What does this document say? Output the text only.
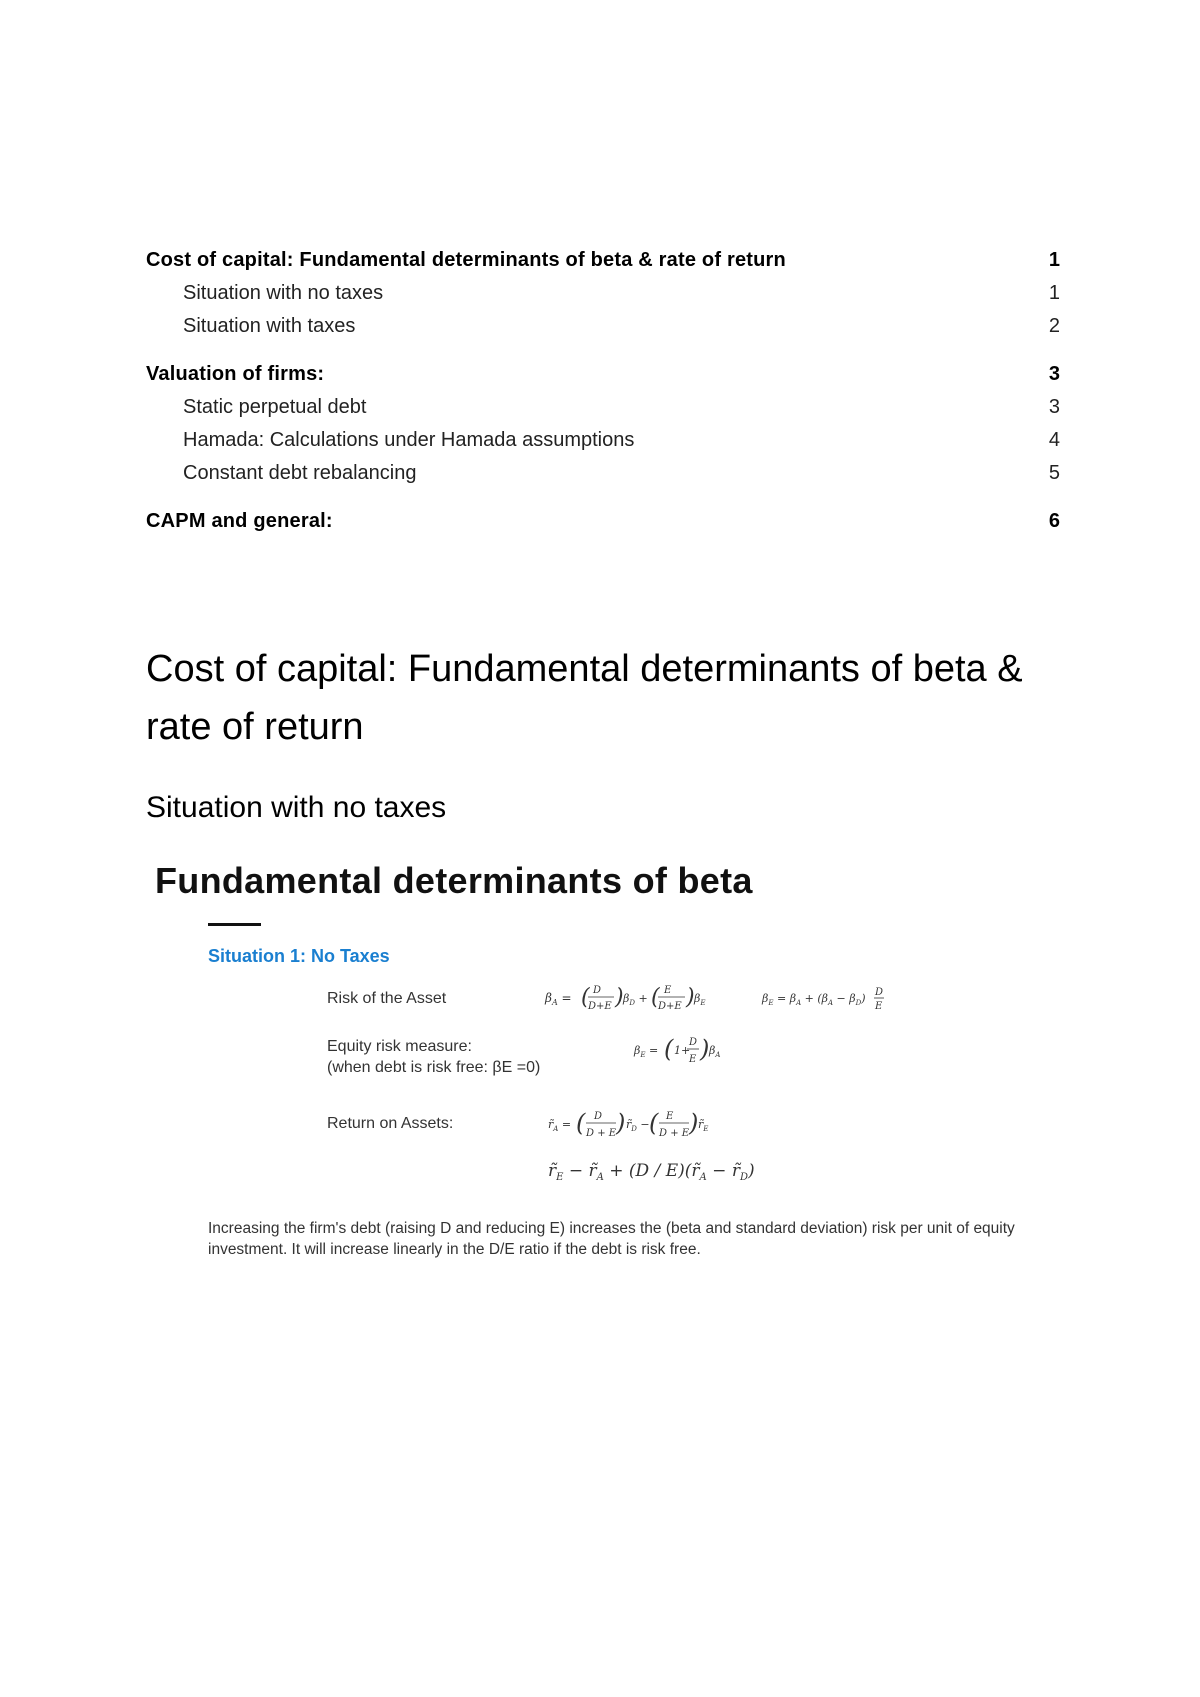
Cost of capital: Fundamental determinants of beta & rate of return	1
Situation with no taxes	1
Situation with taxes	2
Valuation of firms:	3
Static perpetual debt	3
Hamada: Calculations under Hamada assumptions	4
Constant debt rebalancing	5
CAPM and general:	6
Cost of capital: Fundamental determinants of beta & rate of return
Situation with no taxes
Fundamental determinants of beta
Situation 1: No Taxes
Risk of the Asset	$\beta_A$ = ( D
D+E ) $\beta_D$ + ( E
D+E ) $\beta_E$	$\beta_E = \beta_A + (\beta_A - \beta_D)$ D
E
Equity risk measure:
(when debt is risk free: βE =0)
$\beta_E$ = ( 1+
D
E ) $\beta_A$
Return on Assets:	$r̃_A$ = ( D
D + E ) $r̃_D$ − ( E
D + E ) $r̃_E$
$r̃_E$ − $r̃_A + (D$ / $E)(r̃_A$ − $r̃_D$)
Increasing the firm's debt (raising D and reducing E) increases the (beta and standard deviation) risk per unit of equity investment. It will increase linearly in the D/E ratio if the debt is risk free.
